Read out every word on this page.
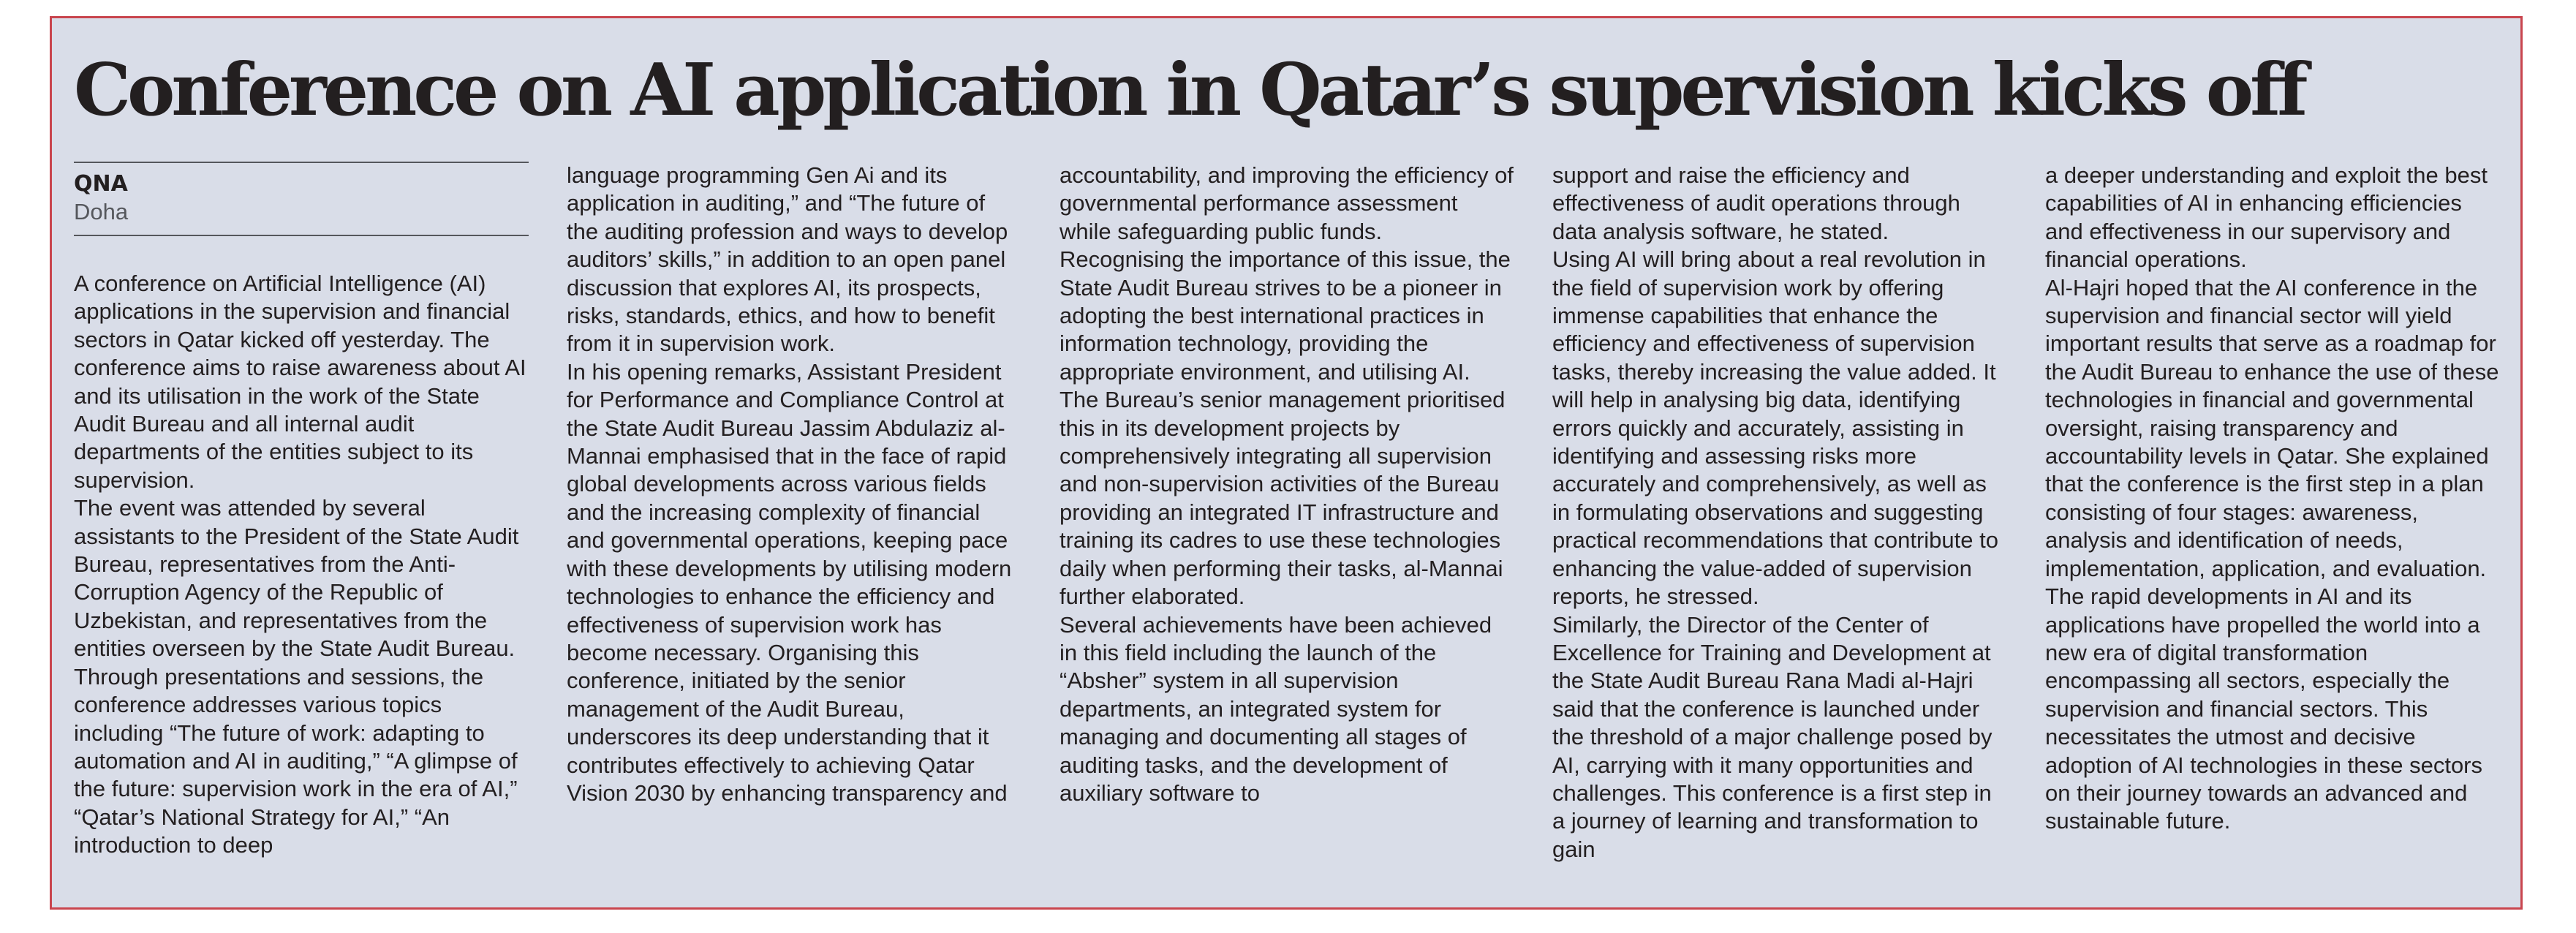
Conference on AI application in Qatar’s supervision kicks off
QNA
Doha

A conference on Artificial Intelligence (AI) applications in the supervision and financial sectors in Qatar kicked off yesterday. The conference aims to raise awareness about AI and its utilisation in the work of the State Audit Bureau and all internal audit departments of the entities subject to its supervision.

The event was attended by several assistants to the President of the State Audit Bureau, representatives from the Anti-Corruption Agency of the Republic of Uzbekistan, and representatives from the entities overseen by the State Audit Bureau.

Through presentations and sessions, the conference addresses various topics including “The future of work: adapting to automation and AI in auditing,” “A glimpse of the future: supervision work in the era of AI,” “Qatar’s National Strategy for AI,” “An introduction to deep

language programming Gen Ai and its application in auditing,” and “The future of the auditing profession and ways to develop auditors’ skills,” in addition to an open panel discussion that explores AI, its prospects, risks, standards, ethics, and how to benefit from it in supervision work.

In his opening remarks, Assistant President for Performance and Compliance Control at the State Audit Bureau Jassim Abdulaziz al-Mannai emphasised that in the face of rapid global developments across various fields and the increasing complexity of financial and governmental operations, keeping pace with these developments by utilising modern technologies to enhance the efficiency and effectiveness of supervision work has become necessary. Organising this conference, initiated by the senior management of the Audit Bureau, underscores its deep understanding that it contributes effectively to achieving Qatar Vision 2030 by enhancing transparency and

accountability, and improving the efficiency of governmental performance assessment while safeguarding public funds.

Recognising the importance of this issue, the State Audit Bureau strives to be a pioneer in adopting the best international practices in information technology, providing the appropriate environment, and utilising AI. The Bureau’s senior management prioritised this in its development projects by comprehensively integrating all supervision and non-supervision activities of the Bureau providing an integrated IT infrastructure and training its cadres to use these technologies daily when performing their tasks, al-Mannai further elaborated.

Several achievements have been achieved in this field including the launch of the “Absher” system in all supervision departments, an integrated system for managing and documenting all stages of auditing tasks, and the development of auxiliary software to

support and raise the efficiency and effectiveness of audit operations through data analysis software, he stated.

Using AI will bring about a real revolution in the field of supervision work by offering immense capabilities that enhance the efficiency and effectiveness of supervision tasks, thereby increasing the value added. It will help in analysing big data, identifying errors quickly and accurately, assisting in identifying and assessing risks more accurately and comprehensively, as well as in formulating observations and suggesting practical recommendations that contribute to enhancing the value-added of supervision reports, he stressed.

Similarly, the Director of the Center of Excellence for Training and Development at the State Audit Bureau Rana Madi al-Hajri said that the conference is launched under the threshold of a major challenge posed by AI, carrying with it many opportunities and challenges. This conference is a first step in a journey of learning and transformation to gain

a deeper understanding and exploit the best capabilities of AI in enhancing efficiencies and effectiveness in our supervisory and financial operations.

Al-Hajri hoped that the AI conference in the supervision and financial sector will yield important results that serve as a roadmap for the Audit Bureau to enhance the use of these technologies in financial and governmental oversight, raising transparency and accountability levels in Qatar. She explained that the conference is the first step in a plan consisting of four stages: awareness, analysis and identification of needs, implementation, application, and evaluation.

The rapid developments in AI and its applications have propelled the world into a new era of digital transformation encompassing all sectors, especially the supervision and financial sectors. This necessitates the utmost and decisive adoption of AI technologies in these sectors on their journey towards an advanced and sustainable future.
